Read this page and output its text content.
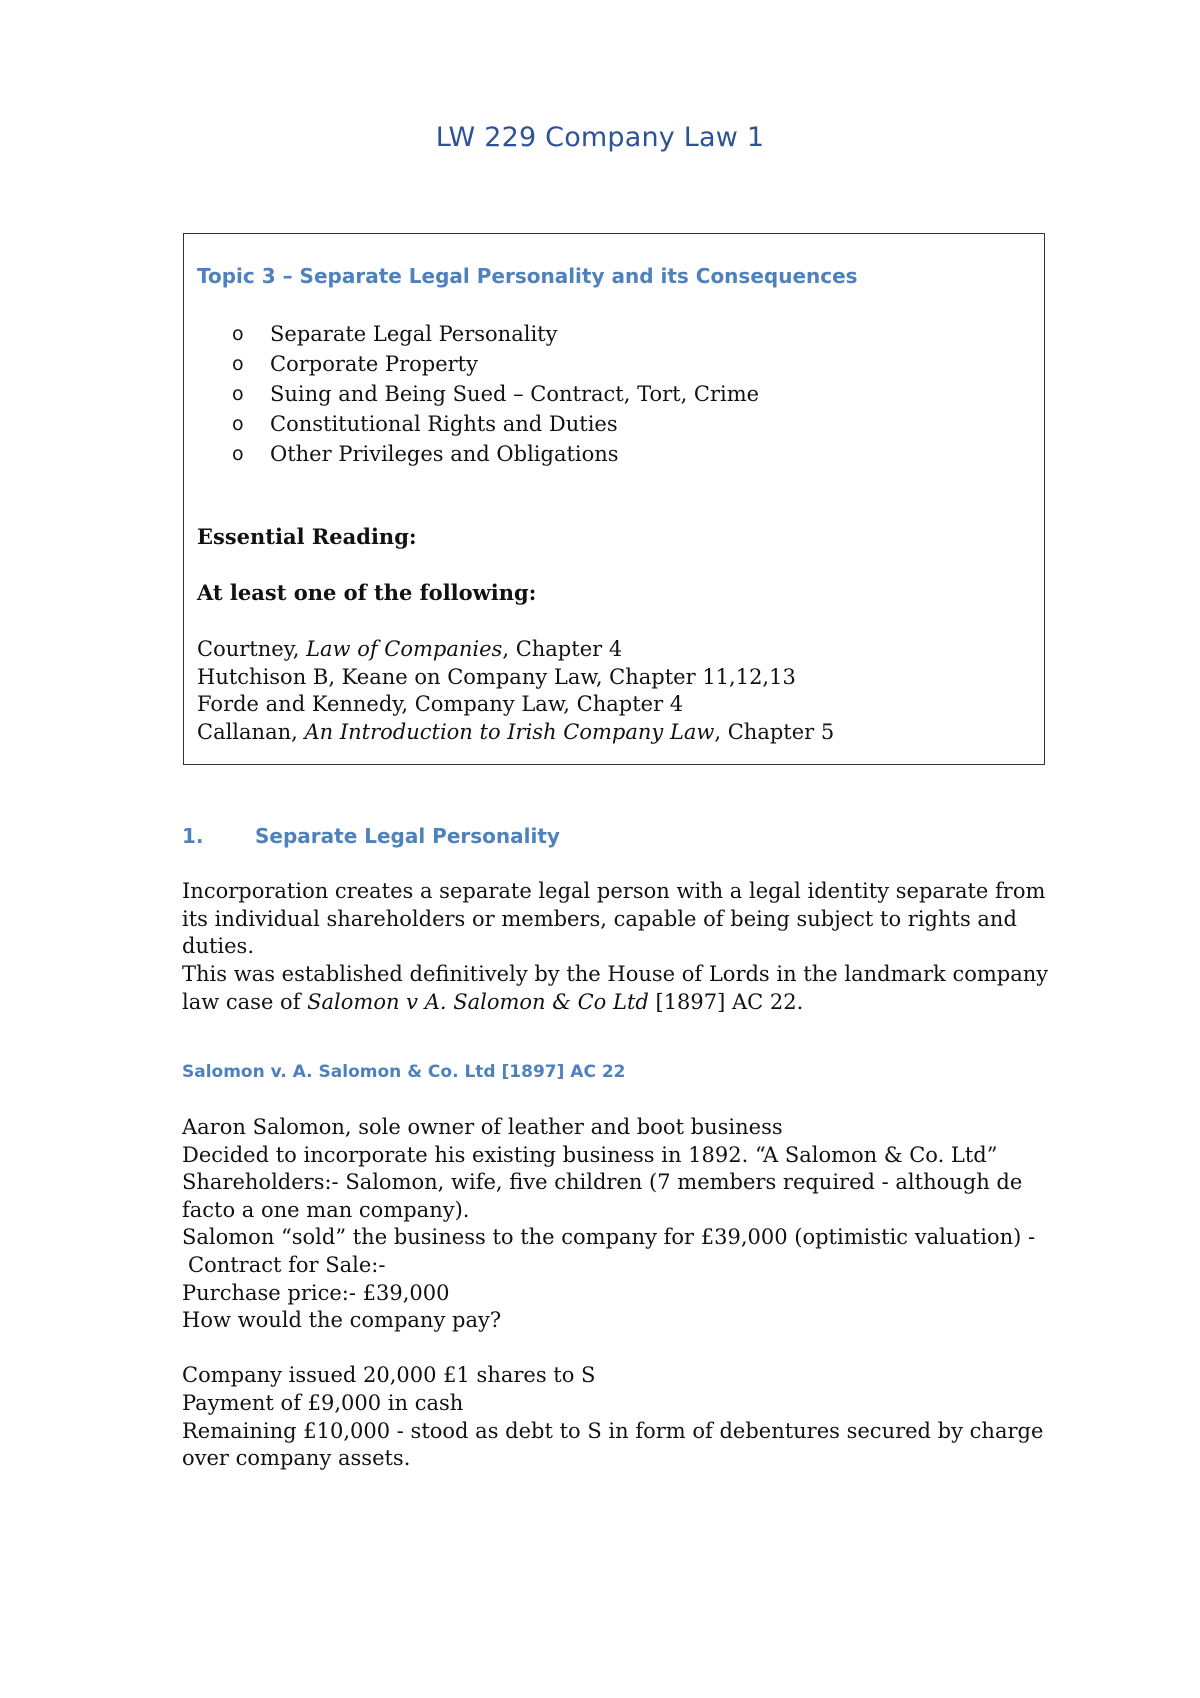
LW 229 Company Law 1
Topic 3 – Separate Legal Personality and its Consequences
o Separate Legal Personality
o Corporate Property
o Suing and Being Sued – Contract, Tort, Crime
o Constitutional Rights and Duties
o Other Privileges and Obligations
Essential Reading:
At least one of the following:
Courtney, Law of Companies, Chapter 4
Hutchison B, Keane on Company Law, Chapter 11,12,13
Forde and Kennedy, Company Law, Chapter 4
Callanan, An Introduction to Irish Company Law, Chapter 5
1.	Separate Legal Personality
Incorporation creates a separate legal person with a legal identity separate from its individual shareholders or members, capable of being subject to rights and duties.
This was established definitively by the House of Lords in the landmark company law case of Salomon v A. Salomon & Co Ltd [1897] AC 22.
Salomon v. A. Salomon & Co. Ltd [1897] AC 22
Aaron Salomon, sole owner of leather and boot business
Decided to incorporate his existing business in 1892. “A Salomon & Co. Ltd”
Shareholders:- Salomon, wife, five children (7 members required - although de facto a one man company).
Salomon “sold” the business to the company for £39,000 (optimistic valuation) -
Contract for Sale:-
Purchase price:- £39,000
How would the company pay?
Company issued 20,000 £1 shares to S
Payment of £9,000 in cash
Remaining £10,000 - stood as debt to S in form of debentures secured by charge over company assets.
